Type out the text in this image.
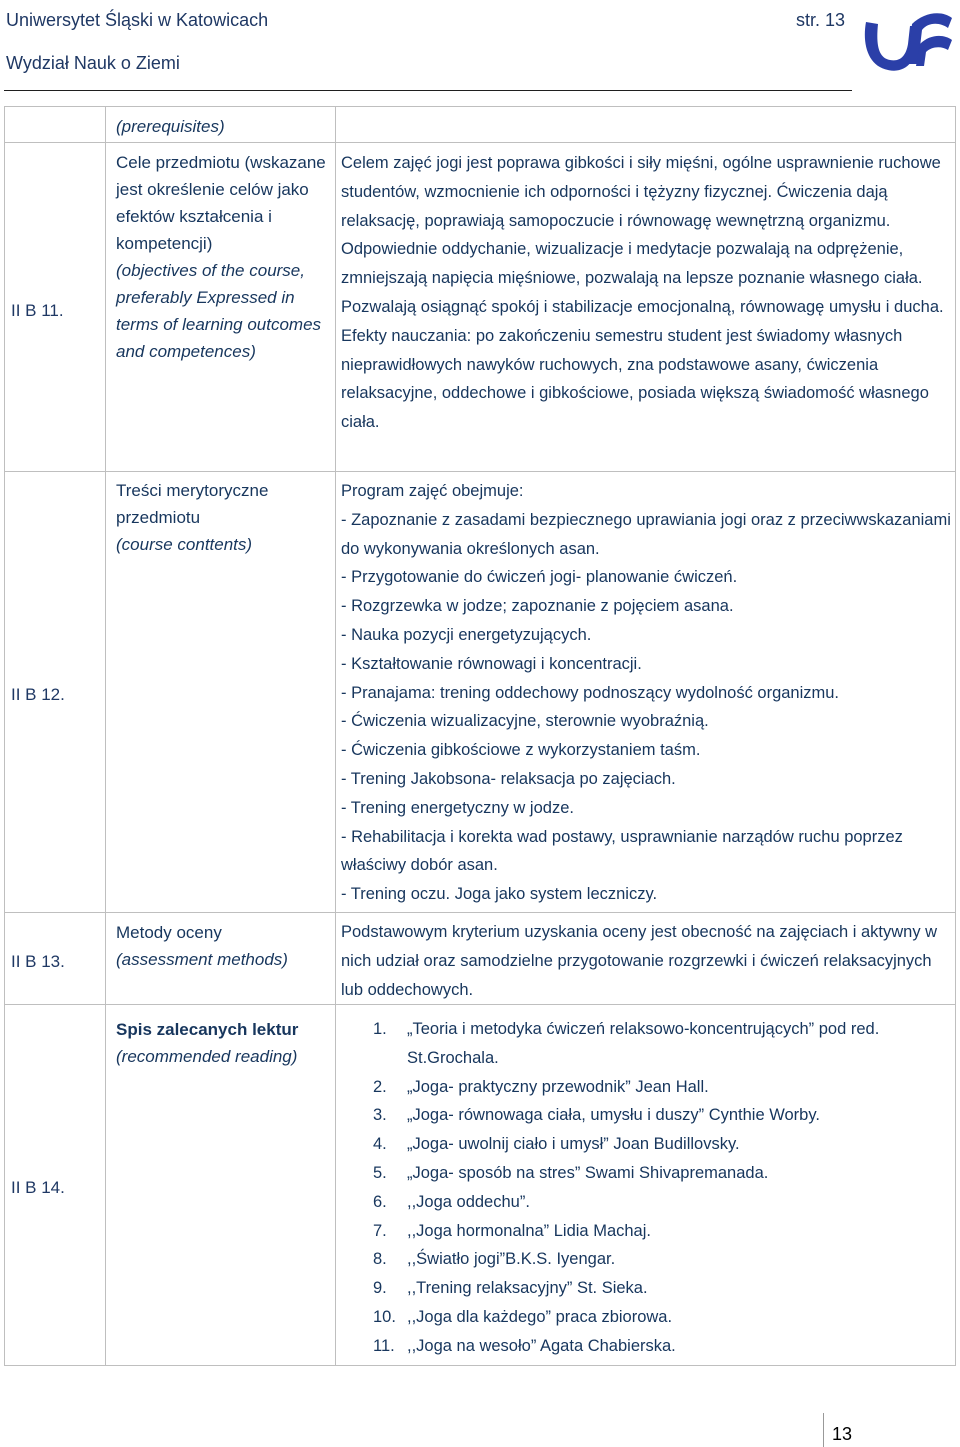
Uniwersytet Śląski w Katowicach
Wydział Nauk o Ziemi
str. 13
(prerequisites)
II B 11.
Cele przedmiotu (wskazane jest określenie celów jako efektów kształcenia i kompetencji)
(objectives of the course, preferably Expressed in terms of learning outcomes and competences)

Celem zajęć jogi jest poprawa gibkości i siły mięśni, ogólne usprawnienie ruchowe studentów, wzmocnienie ich odporności i tężyzny fizycznej. Ćwiczenia dają relaksację, poprawiają samopoczucie i równowagę wewnętrzną organizmu. Odpowiednie oddychanie, wizualizacje i medytacje pozwalają na odprężenie, zmniejszają napięcia mięśniowe, pozwalają na lepsze poznanie własnego ciała. Pozwalają osiągnąć spokój i stabilizacje emocjonalną, równowagę umysłu i ducha.

Efekty nauczania: po zakończeniu semestru student jest świadomy własnych nieprawidłowych nawyków ruchowych, zna podstawowe asany, ćwiczenia relaksacyjne, oddechowe i gibkościowe, posiada większą świadomość własnego ciała.

II B 12.
Treści merytoryczne przedmiotu
(course conttents)

Program zajęć obejmuje:

- Zapoznanie z zasadami bezpiecznego uprawiania jogi oraz z przeciwwskazaniami do wykonywania określonych asan.

- Przygotowanie do ćwiczeń jogi- planowanie ćwiczeń.

- Rozgrzewka w jodze; zapoznanie z pojęciem asana.

- Nauka pozycji energetyzujących.

- Kształtowanie równowagi i koncentracji.

- Pranajama: trening oddechowy podnoszący wydolność organizmu.

- Ćwiczenia wizualizacyjne, sterownie wyobraźnią.

- Ćwiczenia gibkościowe z wykorzystaniem taśm.

- Trening Jakobsona- relaksacja po zajęciach.

- Trening energetyczny w jodze.

- Rehabilitacja i korekta wad postawy, usprawnianie narządów ruchu poprzez właściwy dobór asan.

- Trening oczu. Joga jako system leczniczy.

II B 13.
Metody oceny
(assessment methods)

Podstawowym kryterium uzyskania oceny jest obecność na zajęciach i aktywny w nich udział oraz samodzielne przygotowanie rozgrzewki i ćwiczeń relaksacyjnych lub oddechowych.

II B 14.
Spis zalecanych lektur
(recommended reading)
1. „Teoria i metodyka ćwiczeń relaksowo-koncentrujących” pod red. St.Grochala.
2. „Joga- praktyczny przewodnik” Jean Hall.
3. „Joga- równowaga ciała, umysłu i duszy” Cynthie Worby.
4. „Joga- uwolnij ciało i umysł” Joan Budillovsky.
5. „Joga- sposób na stres” Swami Shivapremanada.
6. ,,Joga oddechu”.
7. ,,Joga hormonalna” Lidia Machaj.
8. ,,Światło jogi”B.K.S. Iyengar.
9. ,,Trening relaksacyjny” St. Sieka.
10. ,,Joga dla każdego” praca zbiorowa.
11. ,,Joga na wesoło” Agata Chabierska.
13
